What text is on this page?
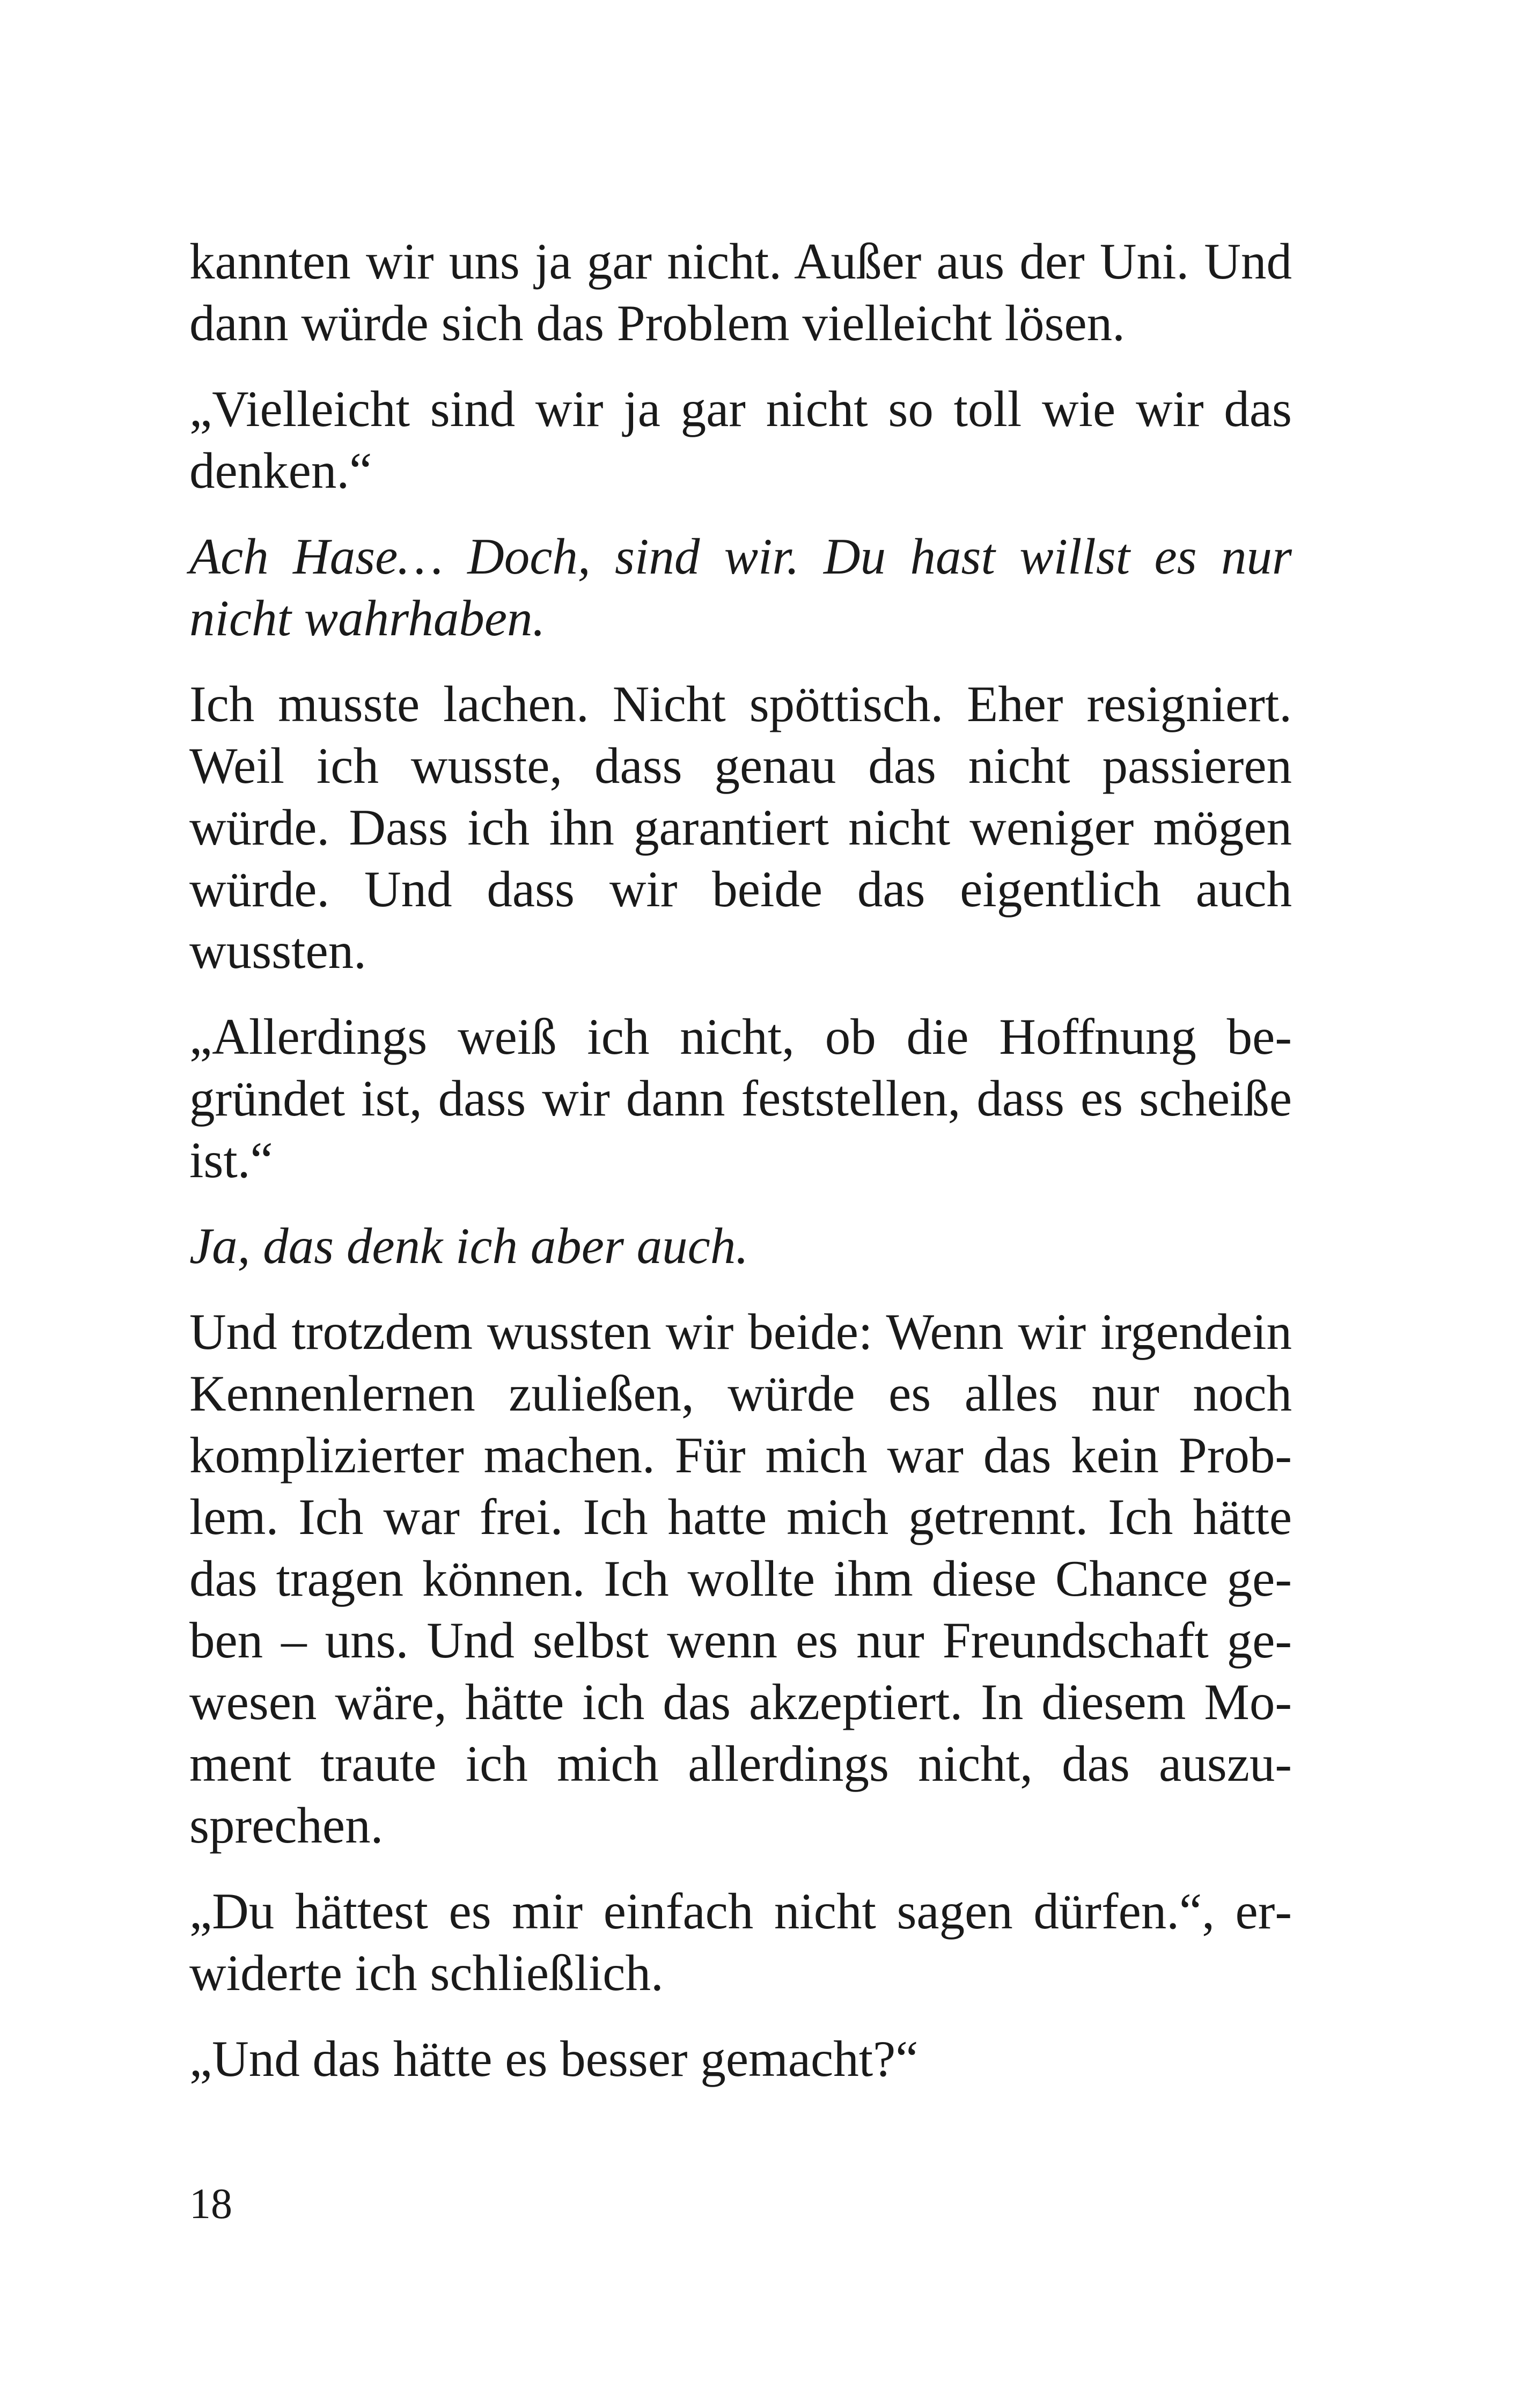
kannten wir uns ja gar nicht. Außer aus der Uni. Und dann würde sich das Problem vielleicht lösen.

„Vielleicht sind wir ja gar nicht so toll wie wir das denken.“

Ach Hase… Doch, sind wir. Du hast willst es nur nicht wahrhaben.

Ich musste lachen. Nicht spöttisch. Eher resigniert. Weil ich wusste, dass genau das nicht passieren würde. Dass ich ihn garantiert nicht weniger mögen würde. Und dass wir beide das eigentlich auch wussten.

„Allerdings weiß ich nicht, ob die Hoffnung begründet ist, dass wir dann feststellen, dass es scheiße ist.“

Ja, das denk ich aber auch.

Und trotzdem wussten wir beide: Wenn wir irgendein Kennenlernen zuließen, würde es alles nur noch komplizierter machen. Für mich war das kein Problem. Ich war frei. Ich hatte mich getrennt. Ich hätte das tragen können. Ich wollte ihm diese Chance geben – uns. Und selbst wenn es nur Freundschaft gewesen wäre, hätte ich das akzeptiert. In diesem Moment traute ich mich allerdings nicht, das auszusprechen.

„Du hättest es mir einfach nicht sagen dürfen.“, erwiderte ich schließlich.

„Und das hätte es besser gemacht?“

18
